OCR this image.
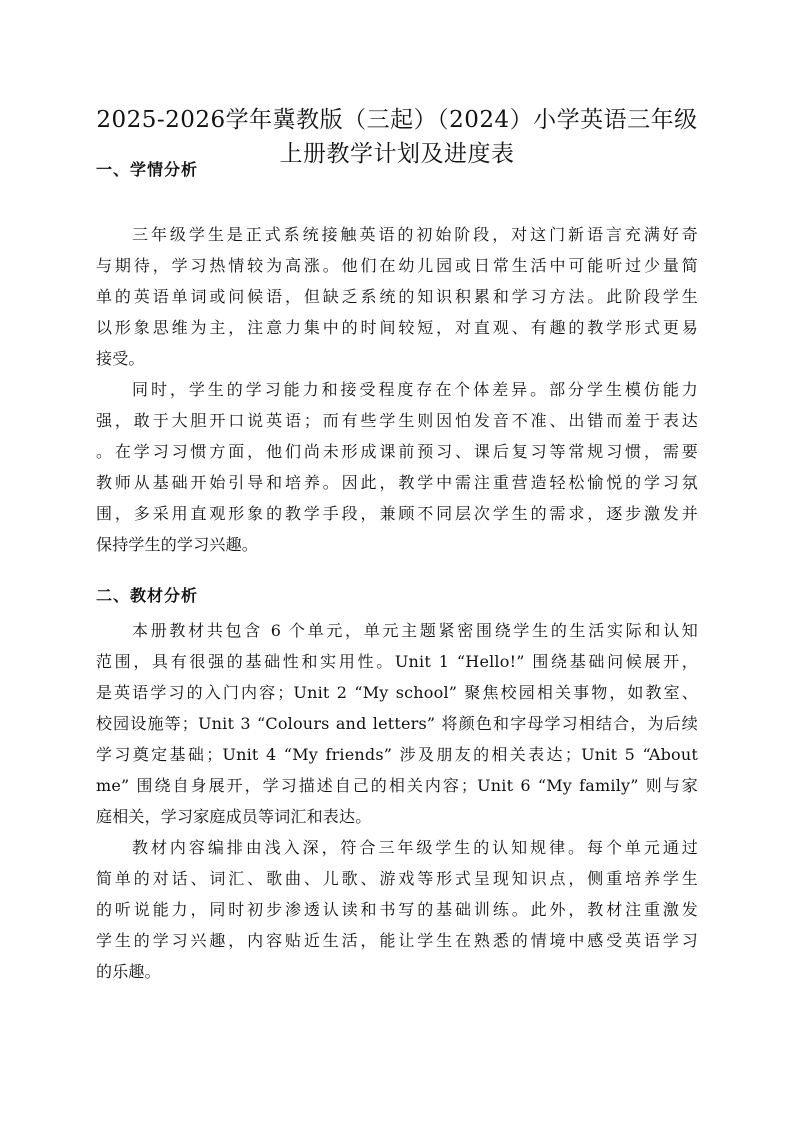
2025-2026学年冀教版（三起）（2024）小学英语三年级
上册教学计划及进度表
一、学情分析
三年级学生是正式系统接触英语的初始阶段，对这门新语言充满好奇
与期待，学习热情较为高涨。他们在幼儿园或日常生活中可能听过少量简
单的英语单词或问候语，但缺乏系统的知识积累和学习方法。此阶段学生
以形象思维为主，注意力集中的时间较短，对直观、有趣的教学形式更易
接受。
同时，学生的学习能力和接受程度存在个体差异。部分学生模仿能力
强，敢于大胆开口说英语；而有些学生则因怕发音不准、出错而羞于表达
。在学习习惯方面，他们尚未形成课前预习、课后复习等常规习惯，需要
教师从基础开始引导和培养。因此，教学中需注重营造轻松愉悦的学习氛
围，多采用直观形象的教学手段，兼顾不同层次学生的需求，逐步激发并
保持学生的学习兴趣。
二、教材分析
本册教材共包含 6 个单元，单元主题紧密围绕学生的生活实际和认知
范围，具有很强的基础性和实用性。Unit 1 “Hello!” 围绕基础问候展开，
是英语学习的入门内容；Unit 2 “My school” 聚焦校园相关事物，如教室、
校园设施等；Unit 3 “Colours and letters” 将颜色和字母学习相结合，为后续
学习奠定基础；Unit 4 “My friends” 涉及朋友的相关表达；Unit 5 “About
me” 围绕自身展开，学习描述自己的相关内容；Unit 6 “My family” 则与家
庭相关，学习家庭成员等词汇和表达。
教材内容编排由浅入深，符合三年级学生的认知规律。每个单元通过
简单的对话、词汇、歌曲、儿歌、游戏等形式呈现知识点，侧重培养学生
的听说能力，同时初步渗透认读和书写的基础训练。此外，教材注重激发
学生的学习兴趣，内容贴近生活，能让学生在熟悉的情境中感受英语学习
的乐趣。
